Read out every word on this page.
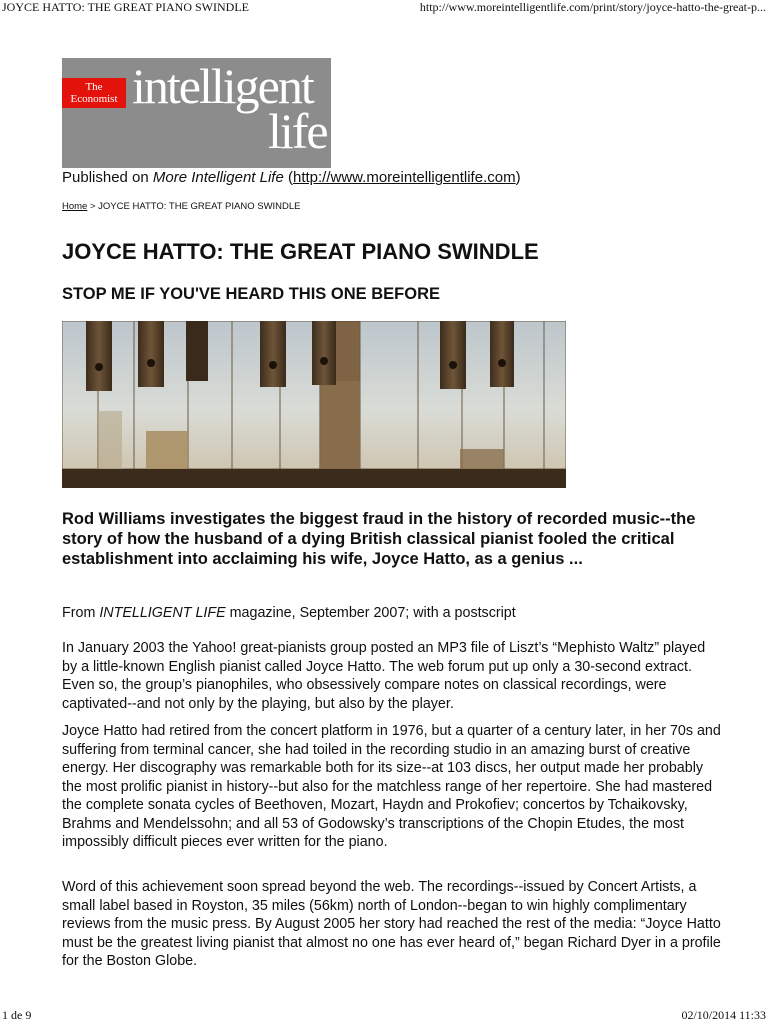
JOYCE HATTO: THE GREAT PIANO SWINDLE	http://www.moreintelligentlife.com/print/story/joyce-hatto-the-great-p...
The
Economist intelligent
life
Published on More Intelligent Life (http://www.moreintelligentlife.com)
Home > JOYCE HATTO: THE GREAT PIANO SWINDLE
JOYCE HATTO: THE GREAT PIANO SWINDLE
STOP ME IF YOU'VE HEARD THIS ONE BEFORE

Rod Williams investigates the biggest fraud in the history of recorded music--the story of how the husband of a dying British classical pianist fooled the critical establishment into acclaiming his wife, Joyce Hatto, as a genius ...

From INTELLIGENT LIFE magazine, September 2007; with a postscript

In January 2003 the Yahoo! great-pianists group posted an MP3 file of Liszt’s “Mephisto Waltz” played by a little-known English pianist called Joyce Hatto. The web forum put up only a 30-second extract. Even so, the group’s pianophiles, who obsessively compare notes on classical recordings, were captivated--and not only by the playing, but also by the player.

Joyce Hatto had retired from the concert platform in 1976, but a quarter of a century later, in her 70s and suffering from terminal cancer, she had toiled in the recording studio in an amazing burst of creative energy. Her discography was remarkable both for its size--at 103 discs, her output made her probably the most prolific pianist in history--but also for the matchless range of her repertoire. She had mastered the complete sonata cycles of Beethoven, Mozart, Haydn and Prokofiev; concertos by Tchaikovsky, Brahms and Mendelssohn; and all 53 of Godowsky’s transcriptions of the Chopin Etudes, the most impossibly difficult pieces ever written for the piano.

Word of this achievement soon spread beyond the web. The recordings--issued by Concert Artists, a small label based in Royston, 35 miles (56km) north of London--began to win highly complimentary reviews from the music press. By August 2005 her story had reached the rest of the media: “Joyce Hatto must be the greatest living pianist that almost no one has ever heard of,” began Richard Dyer in a profile for the Boston Globe.

1 de 9	02/10/2014 11:33
